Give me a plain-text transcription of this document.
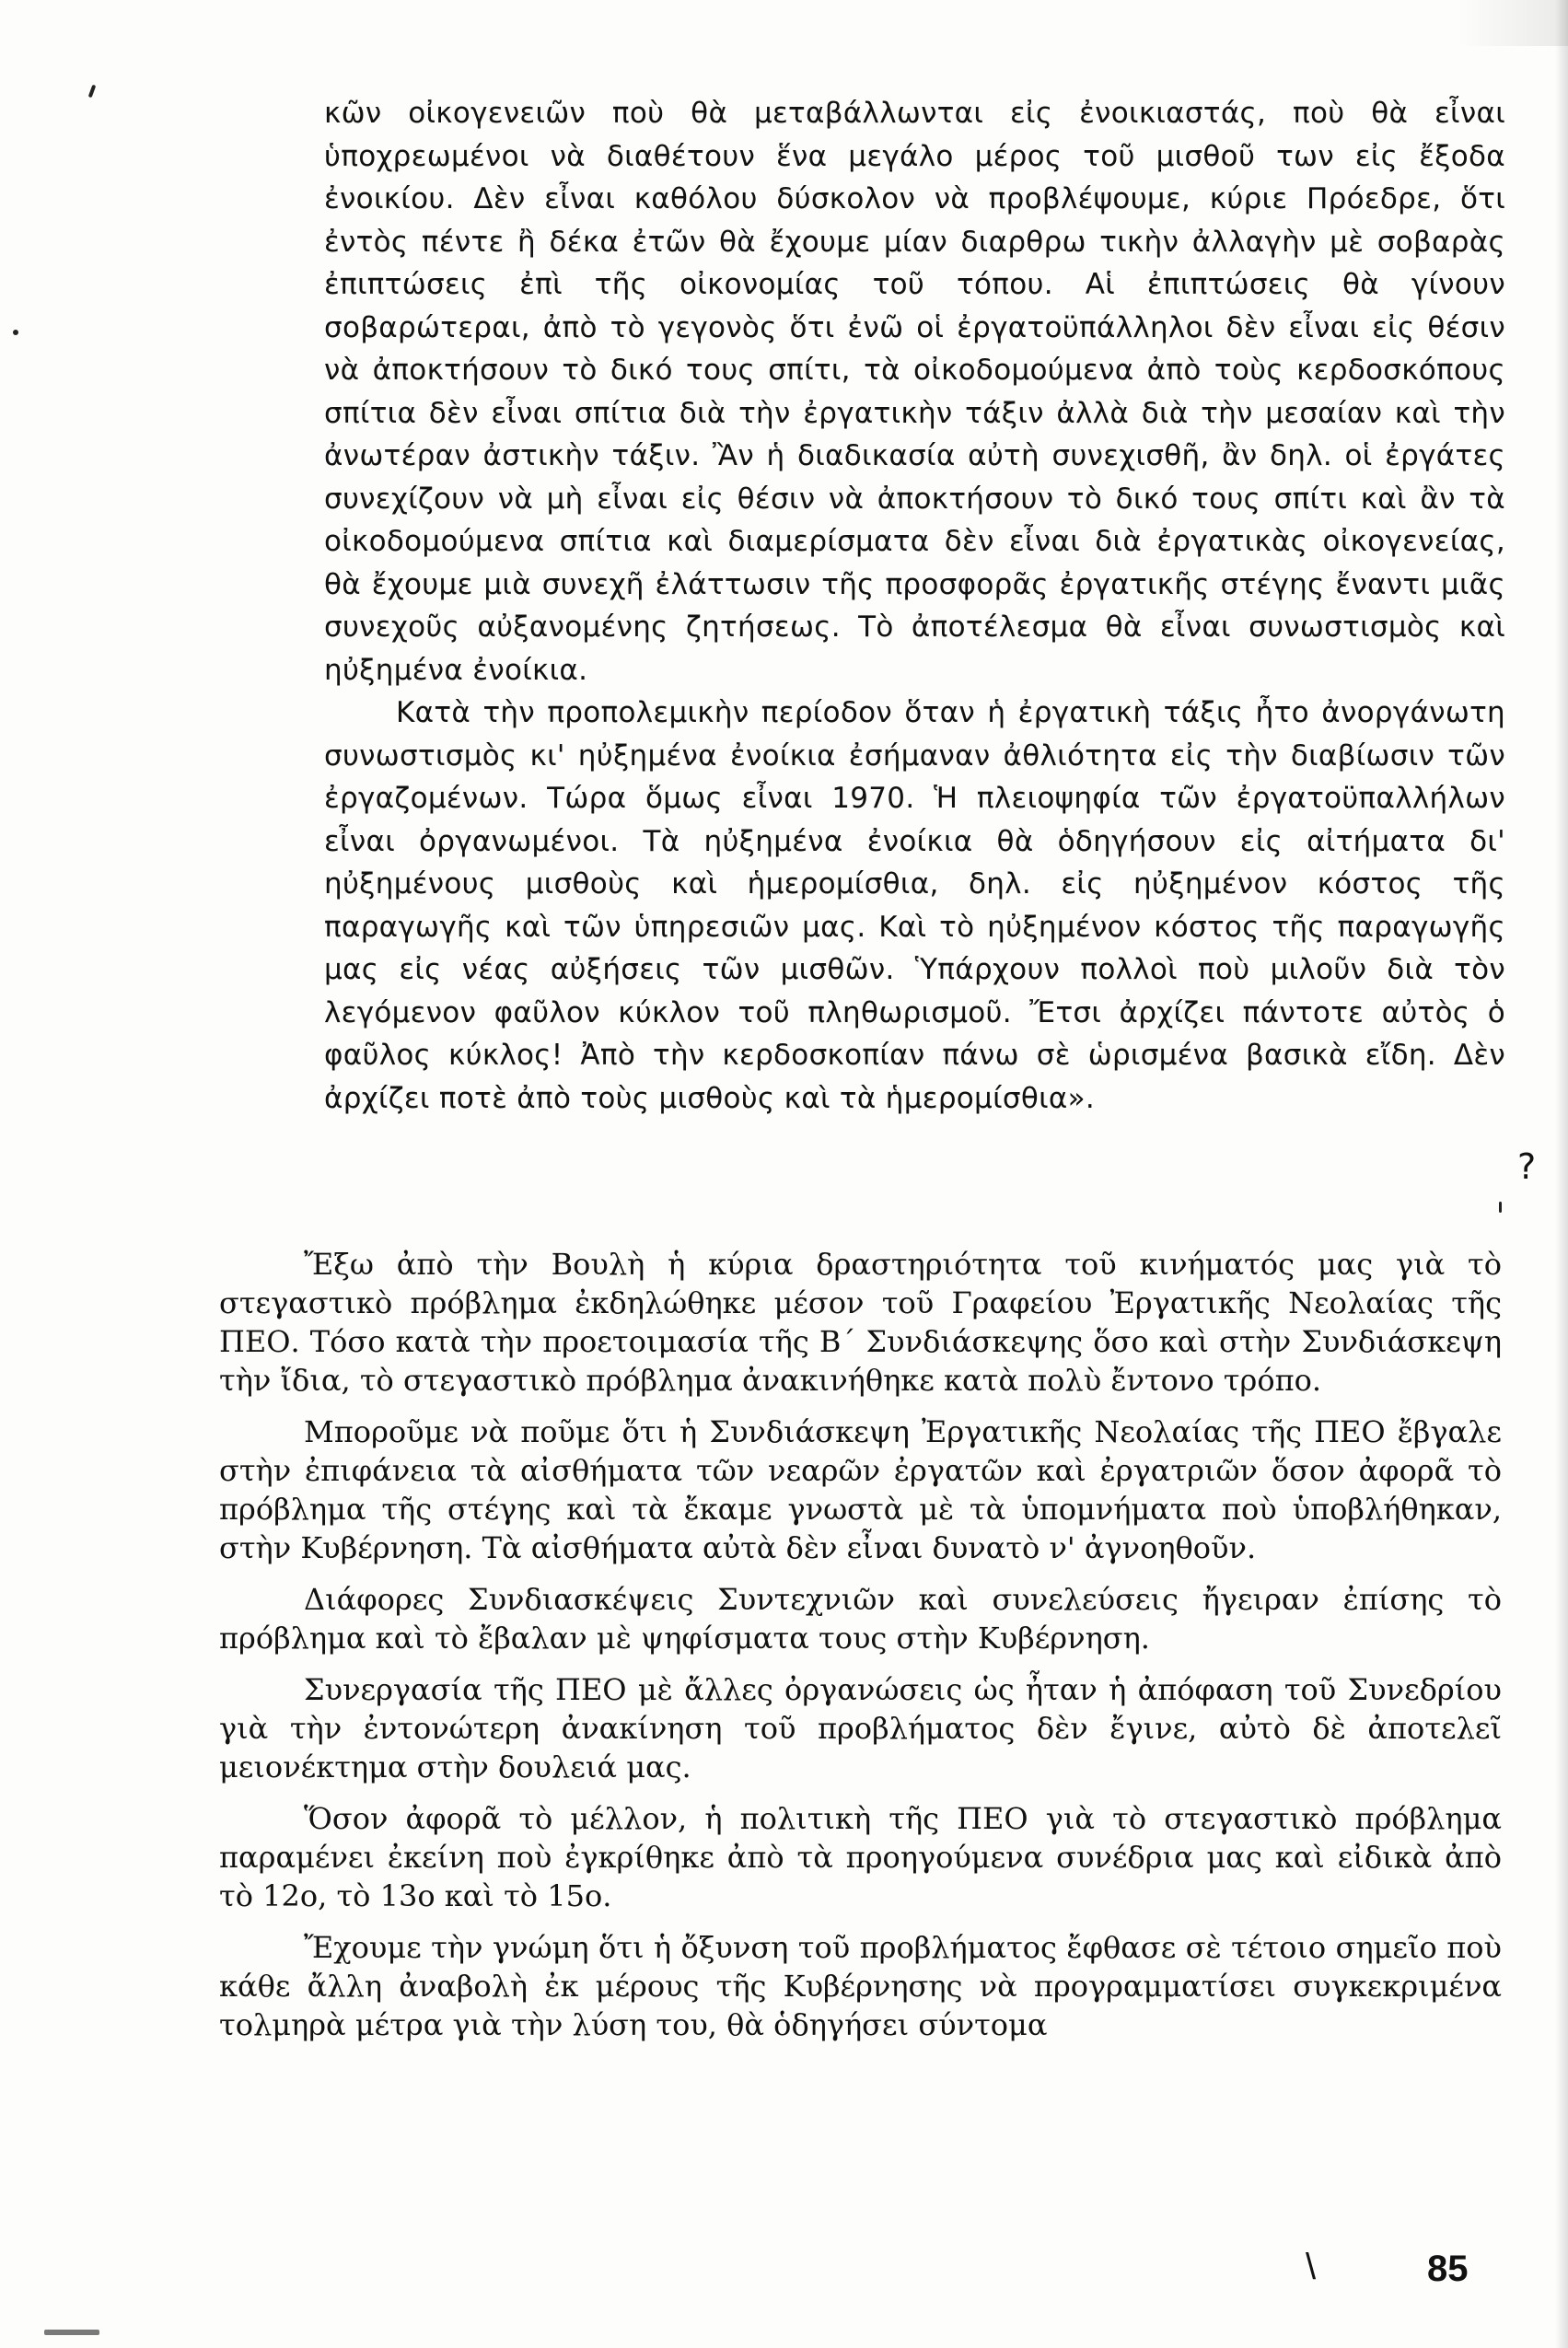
κῶν οἰκογενειῶν ποὺ θὰ μεταβάλλωνται εἰς ἐνοικιαστάς, ποὺ θὰ εἶναι ὑποχρεωμένοι νὰ διαθέτουν ἕνα μεγάλο μέρος τοῦ μισθοῦ των εἰς ἔξοδα ἐνοικίου. Δὲν εἶναι καθόλου δύσκολον νὰ προβλέψουμε, κύριε Πρόεδρε, ὅτι ἐντὸς πέντε ἢ δέκα ἐτῶν θὰ ἔχουμε μίαν διαρθρω τικὴν ἀλλαγὴν μὲ σοβαρὰς ἐπιπτώσεις ἐπὶ τῆς οἰκονομίας τοῦ τόπου. Αἱ ἐπιπτώσεις θὰ γίνουν σοβαρώτεραι, ἀπὸ τὸ γεγονὸς ὅτι ἐνῶ οἱ ἐργατοϋπάλληλοι δὲν εἶναι εἰς θέσιν νὰ ἀποκτήσουν τὸ δικό τους σπίτι, τὰ οἰκοδομούμενα ἀπὸ τοὺς κερδοσκόπους σπίτια δὲν εἶναι σπίτια διὰ τὴν ἐργατικὴν τάξιν ἀλλὰ διὰ τὴν μεσαίαν καὶ τὴν ἀνωτέραν ἀστικὴν τάξιν. Ἂν ἡ διαδικασία αὐτὴ συνεχισθῆ, ἂν δηλ. οἱ ἐργάτες συνεχίζουν νὰ μὴ εἶναι εἰς θέσιν νὰ ἀποκτήσουν τὸ δικό τους σπίτι καὶ ἂν τὰ οἰκοδομούμενα σπίτια καὶ διαμερίσματα δὲν εἶναι διὰ ἐργατικὰς οἰκογενείας, θὰ ἔχουμε μιὰ συνεχῆ ἐλάττωσιν τῆς προσφορᾶς ἐργατικῆς στέγης ἔναντι μιᾶς συνεχοῦς αὐξανομένης ζητήσεως. Τὸ ἀποτέλεσμα θὰ εἶναι συνωστισμὸς καὶ ηὐξημένα ἐνοίκια.

Κατὰ τὴν προπολεμικὴν περίοδον ὅταν ἡ ἐργατικὴ τάξις ἦτο ἀνοργάνωτη συνωστισμὸς κι' ηὐξημένα ἐνοίκια ἐσήμαναν ἀθλιότητα εἰς τὴν διαβίωσιν τῶν ἐργαζομένων. Τώρα ὅμως εἶναι 1970. Ἡ πλειοψηφία τῶν ἐργατοϋπαλλήλων εἶναι ὀργανωμένοι. Τὰ ηὐξημένα ἐνοίκια θὰ ὁδηγήσουν εἰς αἰτήματα δι' ηὐξημένους μισθοὺς καὶ ἡμερομίσθια, δηλ. εἰς ηὐξημένον κόστος τῆς παραγωγῆς καὶ τῶν ὑπηρεσιῶν μας. Καὶ τὸ ηὐξημένον κόστος τῆς παραγωγῆς μας εἰς νέας αὐξήσεις τῶν μισθῶν. Ὑπάρχουν πολλοὶ ποὺ μιλοῦν διὰ τὸν λεγόμενον φαῦλον κύκλον τοῦ πληθωρισμοῦ. Ἔτσι ἀρχίζει πάντοτε αὐτὸς ὁ φαῦλος κύκλος! Ἀπὸ τὴν κερδοσκοπίαν πάνω σὲ ὡρισμένα βασικὰ εἴδη. Δὲν ἀρχίζει ποτὲ ἀπὸ τοὺς μισθοὺς καὶ τὰ ἡμερομίσθια».

?

Ἔξω ἀπὸ τὴν Βουλὴ ἡ κύρια δραστηριότητα τοῦ κινήματός μας γιὰ τὸ στεγαστικὸ πρόβλημα ἐκδηλώθηκε μέσον τοῦ Γραφείου Ἐργατικῆς Νεολαίας τῆς ΠΕΟ. Τόσο κατὰ τὴν προετοιμασία τῆς Β΄ Συνδιάσκεψης ὅσο καὶ στὴν Συνδιάσκεψη τὴν ἴδια, τὸ στεγαστικὸ πρόβλημα ἀνακινήθηκε κατὰ πολὺ ἔντονο τρόπο.

Μποροῦμε νὰ ποῦμε ὅτι ἡ Συνδιάσκεψη Ἐργατικῆς Νεολαίας τῆς ΠΕΟ ἔβγαλε στὴν ἐπιφάνεια τὰ αἰσθήματα τῶν νεαρῶν ἐργατῶν καὶ ἐργατριῶν ὅσον ἀφορᾶ τὸ πρόβλημα τῆς στέγης καὶ τὰ ἔκαμε γνωστὰ μὲ τὰ ὑπομνήματα ποὺ ὑποβλήθηκαν, στὴν Κυβέρνηση. Τὰ αἰσθήματα αὐτὰ δὲν εἶναι δυνατὸ ν' ἀγνοηθοῦν.

Διάφορες Συνδιασκέψεις Συντεχνιῶν καὶ συνελεύσεις ἤγειραν ἐπίσης τὸ πρόβλημα καὶ τὸ ἔβαλαν μὲ ψηφίσματα τους στὴν Κυβέρνηση.

Συνεργασία τῆς ΠΕΟ μὲ ἄλλες ὀργανώσεις ὡς ἦταν ἡ ἀπόφαση τοῦ Συνεδρίου γιὰ τὴν ἐντονώτερη ἀνακίνηση τοῦ προβλήματος δὲν ἔγινε, αὐτὸ δὲ ἀποτελεῖ μειονέκτημα στὴν δουλειά μας.

Ὅσον ἀφορᾶ τὸ μέλλον, ἡ πολιτικὴ τῆς ΠΕΟ γιὰ τὸ στεγαστικὸ πρόβλημα παραμένει ἐκείνη ποὺ ἐγκρίθηκε ἀπὸ τὰ προηγούμενα συνέδρια μας καὶ εἰδικὰ ἀπὸ τὸ 12ο, τὸ 13ο καὶ τὸ 15ο.

Ἔχουμε τὴν γνώμη ὅτι ἡ ὄξυνση τοῦ προβλήματος ἔφθασε σὲ τέτοιο σημεῖο ποὺ κάθε ἄλλη ἀναβολὴ ἐκ μέρους τῆς Κυβέρνησης νὰ προγραμματίσει συγκεκριμένα τολμηρὰ μέτρα γιὰ τὴν λύση του, θὰ ὁδηγήσει σύντομα

\	85
